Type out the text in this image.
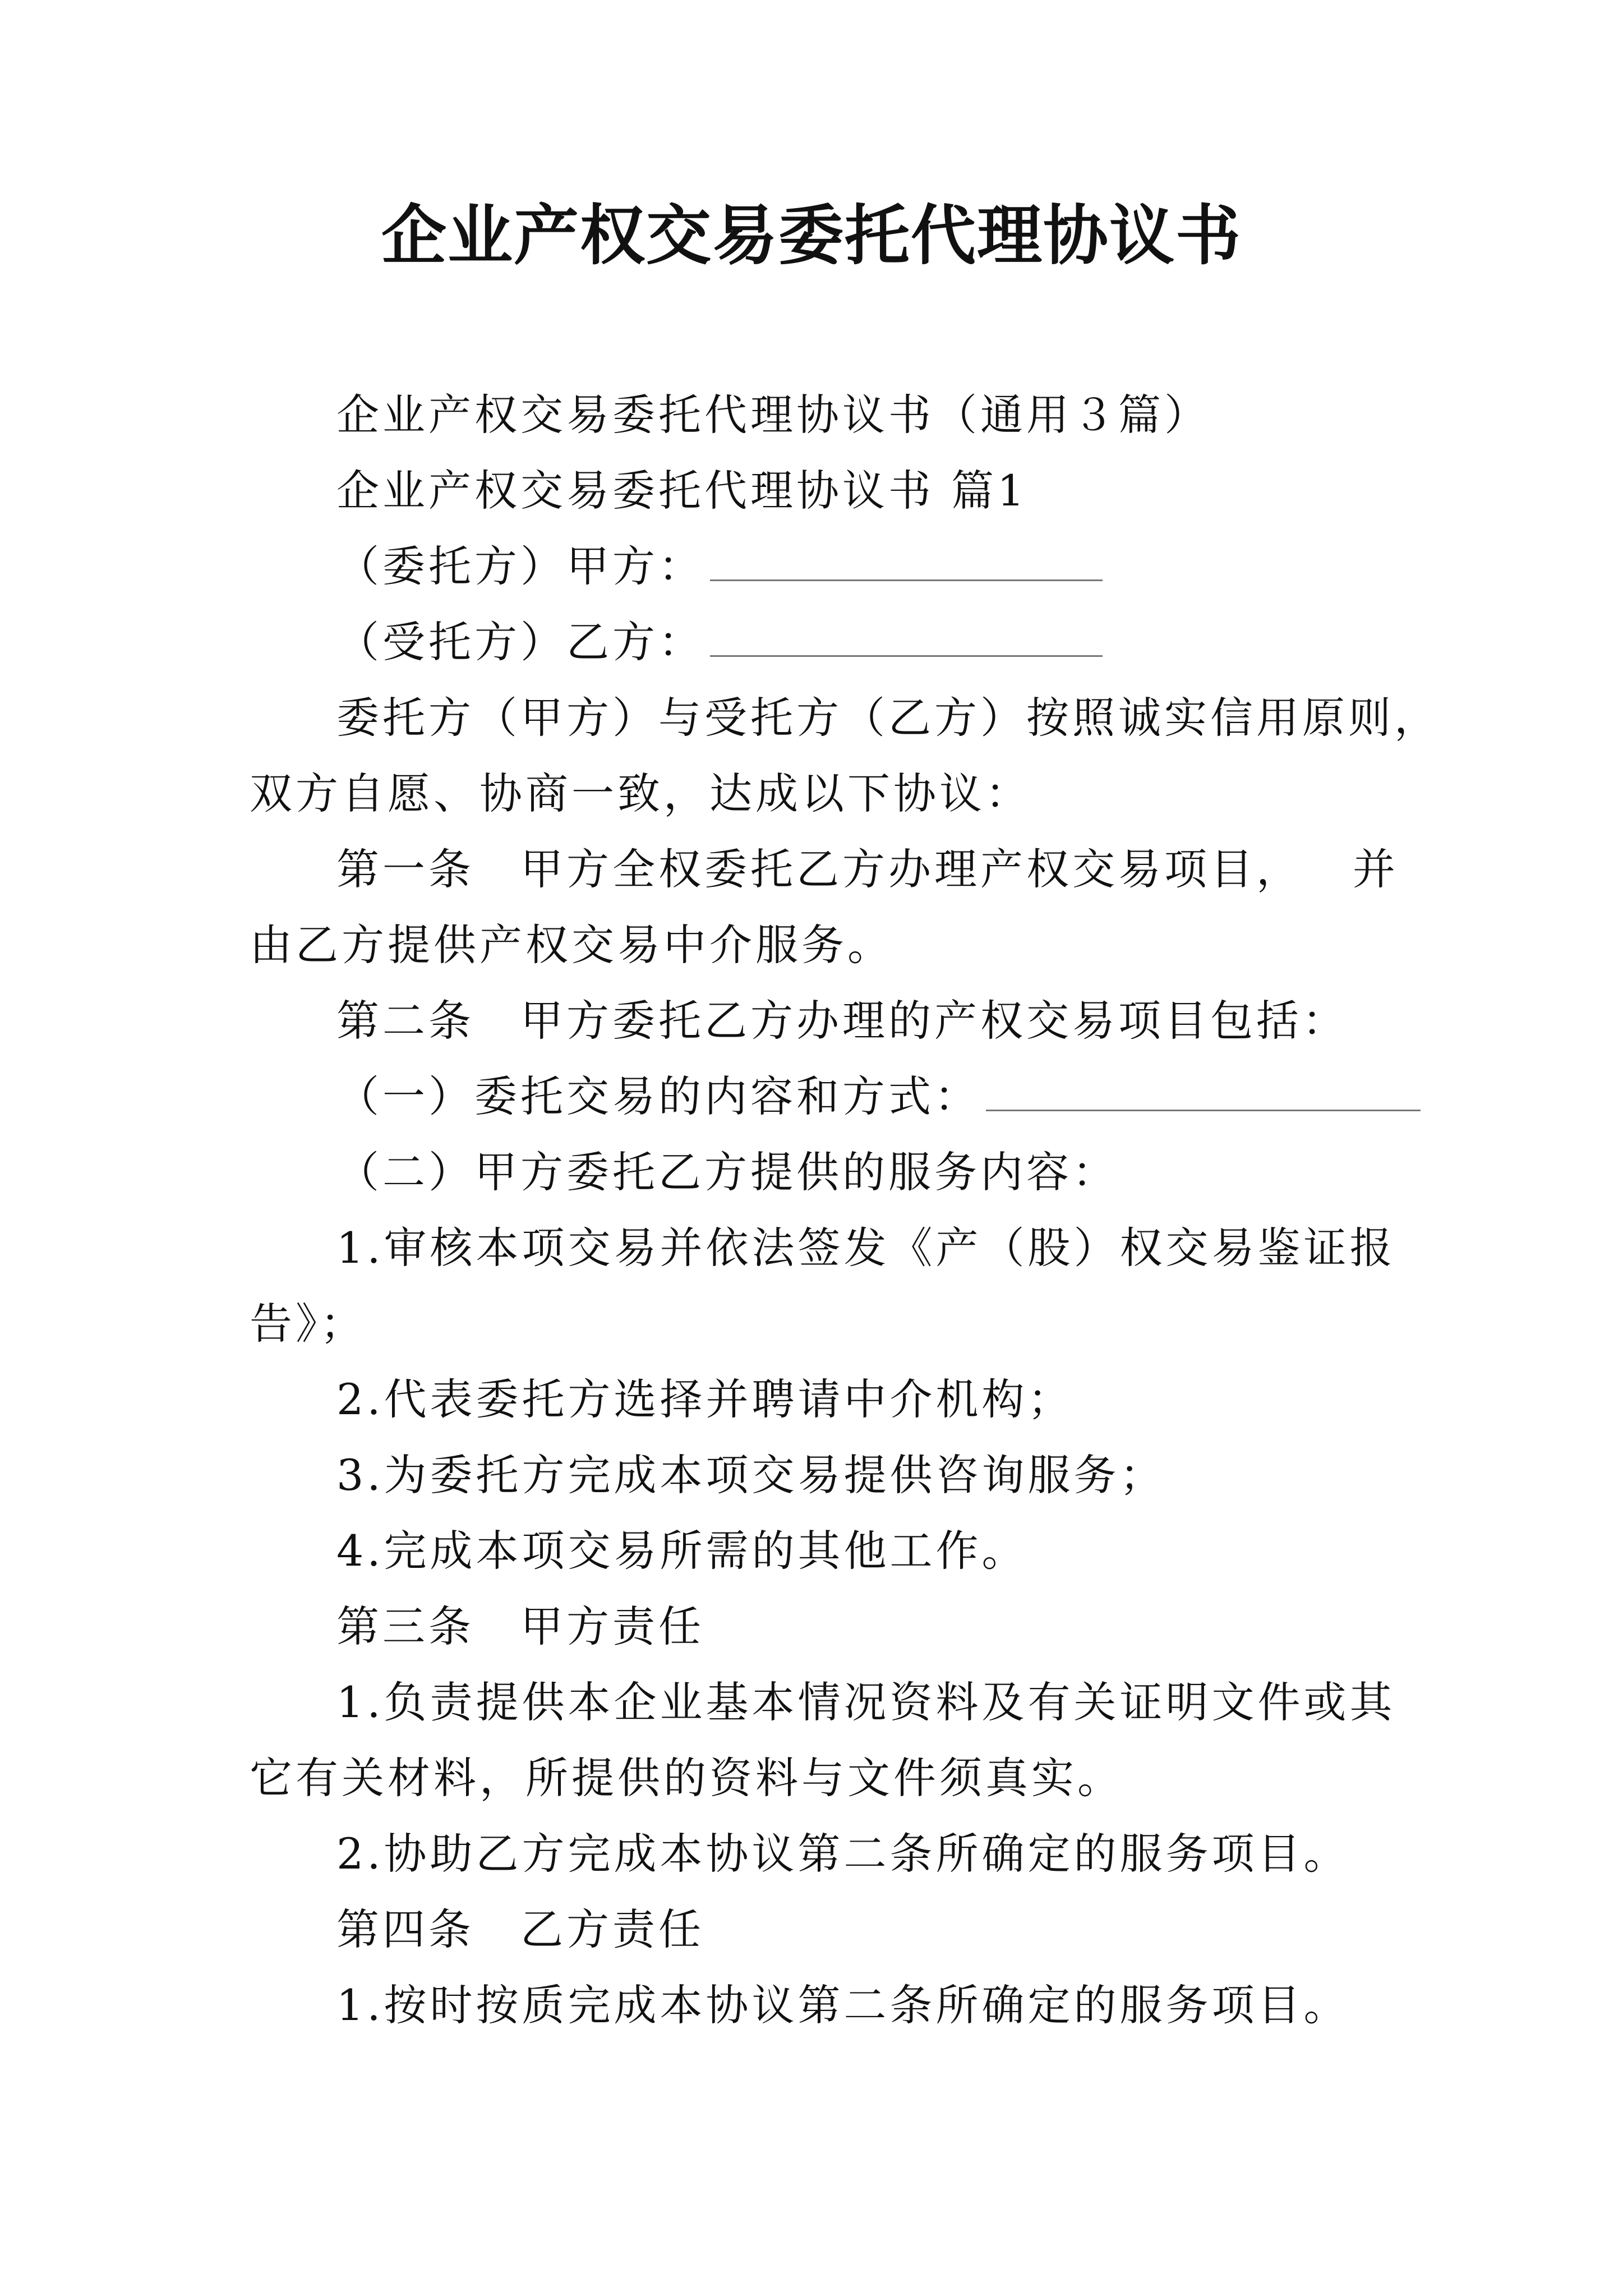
企业产权交易委托代理协议书
企业产权交易委托代理协议书（通用３篇）
企业产权交易委托代理协议书 篇1
（委托方）甲方：
（受托方）乙方：
委托方（甲方）与受托方（乙方）按照诚实信用原则，
双方自愿、协商一致，达成以下协议：
第一条　甲方全权委托乙方办理产权交易项目， 并
由乙方提供产权交易中介服务。
第二条　甲方委托乙方办理的产权交易项目包括：
（一）委托交易的内容和方式：
（二）甲方委托乙方提供的服务内容：
1.审核本项交易并依法签发《产（股）权交易鉴证报
告》；
2.代表委托方选择并聘请中介机构；
3.为委托方完成本项交易提供咨询服务；
4.完成本项交易所需的其他工作。
第三条　甲方责任
1.负责提供本企业基本情况资料及有关证明文件或其
它有关材料，所提供的资料与文件须真实。
2.协助乙方完成本协议第二条所确定的服务项目。
第四条　乙方责任
1.按时按质完成本协议第二条所确定的服务项目。
